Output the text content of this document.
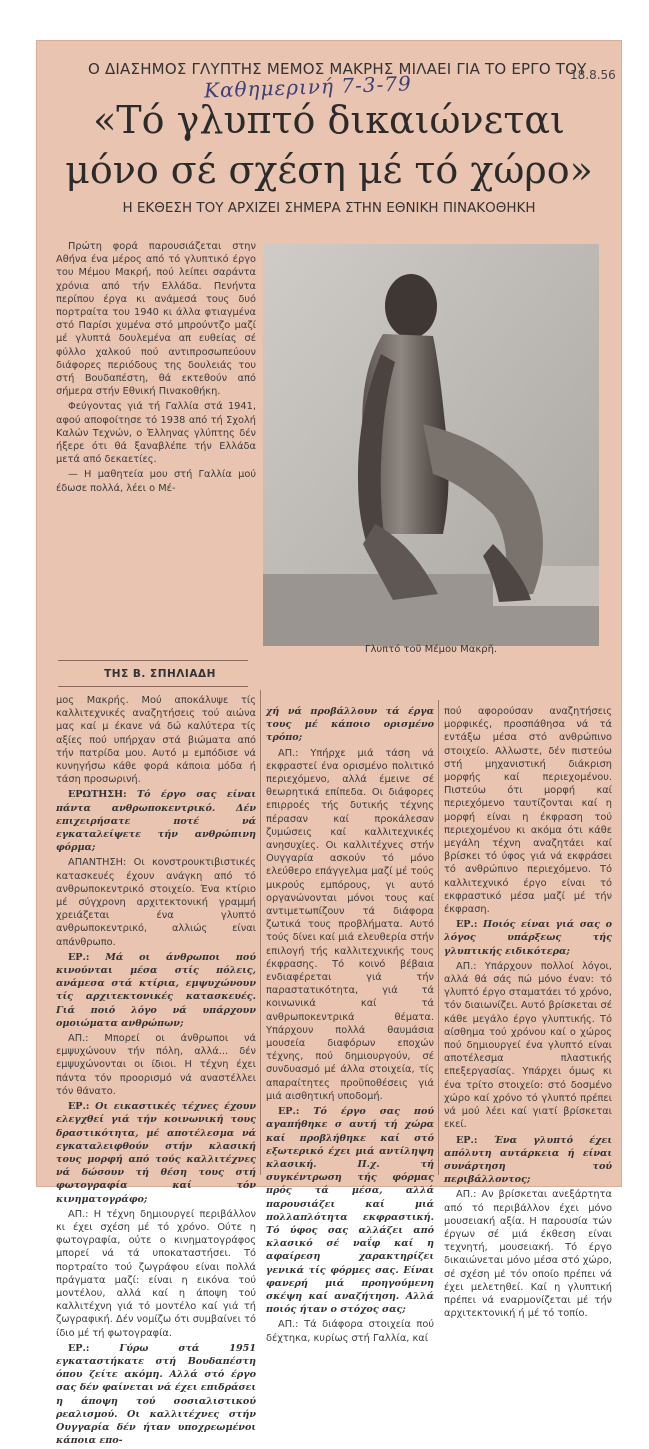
Ο ΔΙΑΣΗΜΟΣ ΓΛΥΠΤΗΣ ΜΕΜΟΣ ΜΑΚΡΗΣ ΜΙΛΑΕΙ ΓΙΑ ΤΟ ΕΡΓΟ ΤΟΥ
Καθημερινή 7-3-79	18.8.56
«Τό γλυπτό δικαιώνεται
μόνο σέ σχέση μέ τό χώρο»
Η ΕΚΘΕΣΗ ΤΟΥ ΑΡΧΙΖΕΙ ΣΗΜΕΡΑ ΣΤΗΝ ΕΘΝΙΚΗ ΠΙΝΑΚΟΘΗΚΗ

Πρώτη φορά παρουσιάζεται στην Αθήνα ένα μέρος από τό γλυπτικό έργο του Μέμου Μακρή, πού λείπει σαράντα χρόνια από τήν Ελλάδα. Πενήντα περίπου έργα κι ανάμεσά τους δυό πορτραίτα του 1940 κι άλλα φτιαγμένα στό Παρίσι χυμένα στό μπρούντζο μαζί μέ γλυπτά δουλεμένα απ ευθείας σέ φύλλο χαλκού πού αντιπροσωπεύουν διάφορες περιόδους της δουλειάς του στή Βουδαπέστη, θά εκτεθούν από σήμερα στήν Εθνική Πινακοθήκη.

Φεύγοντας γιά τή Γαλλία στά 1941, αφού αποφοίτησε τό 1938 από τή Σχολή Καλών Τεχνών, ο Έλληνας γλύπτης δέν ήξερε ότι θά ξαναβλέπε τήν Ελλάδα μετά από δεκαετίες.

— Η μαθητεία μου στή Γαλλία μού έδωσε πολλά, λέει ο Μέ-

ΤΗΣ Β. ΣΠΗΛΙΑΔΗ
Γλυπτό τοῦ Μέμου Μακρῆ.

μος Μακρής. Μού αποκάλυψε τίς καλλιτεχνικές αναζητήσεις τού αιώνα μας καί μ έκανε νά δώ καλύτερα τίς αξίες πού υπήρχαν στά βιώματα από τήν πατρίδα μου. Αυτό μ εμπόδισε νά κυνηγήσω κάθε φορά κάποια μόδα ή τάση προσωρινή.

ΕΡΩΤΗΣΗ: Τό έργο σας είναι πάντα ανθρωποκεντρικό. Δέν επιχειρήσατε ποτέ νά εγκαταλείψετε τήν ανθρώπινη φόρμα;

ΑΠΑΝΤΗΣΗ: Οι κονστρουκτιβιστικές κατασκευές έχουν ανάγκη από τό ανθρωποκεντρικό στοιχείο. Ένα κτίριο μέ σύγχρονη αρχιτεκτονική γραμμή χρειάζεται ένα γλυπτό ανθρωποκεντρικό, αλλιώς είναι απάνθρωπο.

ΕΡ.: Μά οι άνθρωποι πού κινούνται μέσα στίς πόλεις, ανάμεσα στά κτίρια, εμψυχώνουν τίς αρχιτεκτονικές κατασκευές. Γιά ποιό λόγο νά υπάρχουν ομοιώματα ανθρώπων;

ΑΠ.: Μπορεί οι άνθρωποι νά εμψυχώνουν τήν πόλη, αλλά... δέν εμψυχώνονται οι ίδιοι. Η τέχνη έχει πάντα τόν προορισμό νά αναστέλλει τόν θάνατο.

ΕΡ.: Οι εικαστικές τέχνες έχουν ελεγχθεί γιά τήν κοινωνική τους δραστικότητα, μέ αποτέλεσμα νά εγκαταλειφθούν στήν κλασική τους μορφή από τούς καλλιτέχνες νά δώσουν τή θέση τους στή φωτογραφία καί τόν κινηματογράφο;

ΑΠ.: Η τέχνη δημιουργεί περιβάλλον κι έχει σχέση μέ τό χρόνο. Ούτε η φωτογραφία, ούτε ο κινηματογράφος μπορεί νά τά υποκαταστήσει. Τό πορτραίτο τού ζωγράφου είναι πολλά πράγματα μαζί: είναι η εικόνα τού μοντέλου, αλλά καί η άποψη τού καλλιτέχνη γιά τό μοντέλο καί γιά τή ζωγραφική. Δέν νομίζω ότι συμβαίνει τό ίδιο μέ τή φωτογραφία.

ΕΡ.:	Γύρω στά 1951 εγκαταστήκατε στή Βουδαπέστη όπου ζείτε ακόμη. Αλλά στό έργο σας δέν φαίνεται νά έχει επιδράσει η άποψη τού σοσιαλιστικού ρεαλισμού. Οι καλλιτέχνες στήν Ουγγαρία δέν ήταν υποχρεωμένοι κάποια επο-

χή νά προβάλλουν τά έργα τους μέ κάποιο ορισμένο τρόπο;

ΑΠ.: Υπήρχε μιά τάση νά εκφραστεί ένα ορισμένο πολιτικό περιεχόμενο, αλλά έμεινε σέ θεωρητικά επίπεδα. Οι διάφορες επιρροές τής δυτικής τέχνης πέρασαν καί προκάλεσαν ζυμώσεις καί καλλιτεχνικές ανησυχίες. Οι καλλιτέχνες στήν Ουγγαρία ασκούν τό μόνο ελεύθερο επάγγελμα μαζί μέ τούς μικρούς εμπόρους, γι αυτό οργανώνονται μόνοι τους καί αντιμετωπίζουν τά διάφορα ζωτικά τους προβλήματα. Αυτό τούς δίνει καί μιά ελευθερία στήν επιλογή τής καλλιτεχνικής τους έκφρασης. Τό κοινό βέβαια ενδιαφέρεται γιά τήν παραστατικότητα, γιά τά κοινωνικά καί τά ανθρωποκεντρικά θέματα. Υπάρχουν πολλά θαυμάσια μουσεία διαφόρων εποχών τέχνης, πού δημιουργούν, σέ συνδυασμό μέ άλλα στοιχεία, τίς απαραίτητες προϋποθέσεις γιά μιά αισθητική υποδομή.

ΕΡ.: Τό έργο σας πού αγαπήθηκε σ αυτή τή χώρα καί προβλήθηκε καί στό εξωτερικό έχει μιά αντίληψη κλασική. Π.χ. τή συγκέντρωση τής φόρμας πρός τά μέσα, αλλά παρουσιάζει καί μιά πολλαπλότητα εκφραστική. Τό ύφος σας αλλάζει από κλασικό σέ ναΐφ καί η αφαίρεση χαρακτηρίζει γενικά τίς φόρμες σας. Είναι φανερή μιά προηγούμενη σκέψη καί αναζήτηση. Αλλά ποιός ήταν ο στόχος σας;

ΑΠ.: Τά διάφορα στοιχεία πού δέχτηκα, κυρίως στή Γαλλία, καί

πού αφορούσαν αναζητήσεις μορφικές, προσπάθησα νά τά εντάξω μέσα στό ανθρώπινο στοιχείο. Αλλωστε, δέν πιστεύω στή μηχανιστική διάκριση μορφής καί περιεχομένου. Πιστεύω ότι μορφή καί περιεχόμενο ταυτίζονται καί η μορφή είναι η έκφραση τού περιεχομένου κι ακόμα ότι κάθε μεγάλη τέχνη αναζητάει καί βρίσκει τό ύφος γιά νά εκφράσει τό ανθρώπινο περιεχόμενο. Τό καλλιτεχνικό έργο είναι τό εκφραστικό μέσα μαζί μέ τήν έκφραση.

ΕΡ.: Ποιός είναι γιά σας ο λόγος υπάρξεως τής γλυπτικής ειδικότερα;

ΑΠ.: Υπάρχουν πολλοί λόγοι, αλλά θά σάς πώ μόνο έναν: τό γλυπτό έργο σταματάει τό χρόνο, τόν διαιωνίζει. Αυτό βρίσκεται σέ κάθε μεγάλο έργο γλυπτικής. Τό αίσθημα τού χρόνου καί ο χώρος πού δημιουργεί ένα γλυπτό είναι αποτέλεσμα πλαστικής επεξεργασίας. Υπάρχει όμως κι ένα τρίτο στοιχείο: στό δοσμένο χώρο καί χρόνο τό γλυπτό πρέπει νά μού λέει καί γιατί βρίσκεται εκεί.

ΕΡ.: Ένα γλυπτό έχει απόλυτη αυτάρκεια ή είναι συνάρτηση τού περιβάλλοντος;

ΑΠ.: Αν βρίσκεται ανεξάρτητα από τό περιβάλλον έχει μόνο μουσειακή αξία. Η παρουσία τών έργων σέ μιά έκθεση είναι τεχνητή, μουσειακή. Τό έργο δικαιώνεται μόνο μέσα στό χώρο, σέ σχέση μέ τόν οποίο πρέπει νά έχει μελετηθεί. Καί η γλυπτική πρέπει νά εναρμονίζεται μέ τήν αρχιτεκτονική ή μέ τό τοπίο.
